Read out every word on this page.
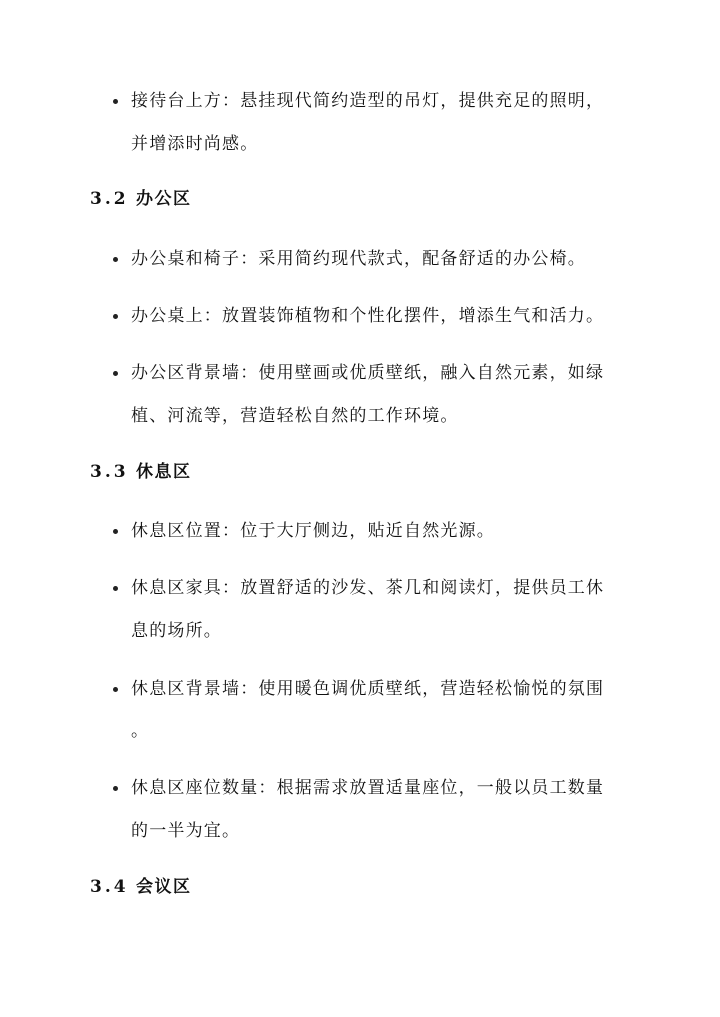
接待台上方：悬挂现代简约造型的吊灯，提供充足的照明，
并增添时尚感。
3.2 办公区
办公桌和椅子：采用简约现代款式，配备舒适的办公椅。
办公桌上：放置装饰植物和个性化摆件，增添生气和活力。
办公区背景墙：使用壁画或优质壁纸，融入自然元素，如绿
植、河流等，营造轻松自然的工作环境。
3.3 休息区
休息区位置：位于大厅侧边，贴近自然光源。
休息区家具：放置舒适的沙发、茶几和阅读灯，提供员工休
息的场所。
休息区背景墙：使用暖色调优质壁纸，营造轻松愉悦的氛围
。
休息区座位数量：根据需求放置适量座位，一般以员工数量
的一半为宜。
3.4 会议区
